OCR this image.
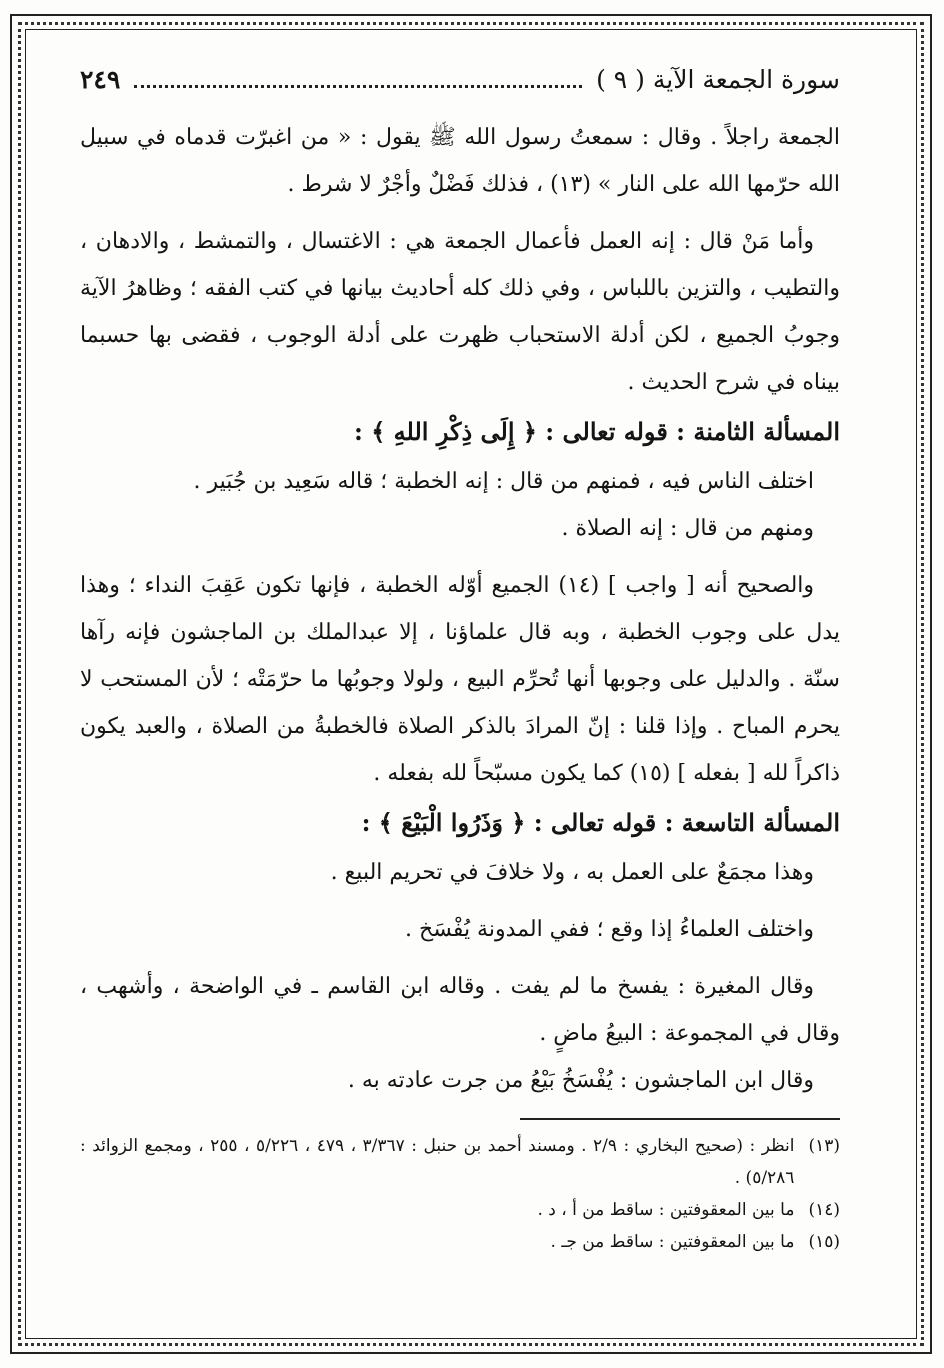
سورة الجمعة الآية ( ٩ )
٢٤٩

الجمعة راجلاً . وقال : سمعتُ رسول الله ﷺ يقول : « من اغبرّت قدماه في سبيل الله حرّمها الله على النار » (١٣) ، فذلك فَضْلٌ وأجْرٌ لا شرط .

وأما مَنْ قال : إنه العمل فأعمال الجمعة هي : الاغتسال ، والتمشط ، والادهان ، والتطيب ، والتزين باللباس ، وفي ذلك كله أحاديث بيانها في كتب الفقه ؛ وظاهرُ الآية وجوبُ الجميع ، لكن أدلة الاستحباب ظهرت على أدلة الوجوب ، فقضى بها حسبما بيناه في شرح الحديث .

المسألة الثامنة : قوله تعالى : ﴿ إِلَى ذِكْرِ اللهِ ﴾ :

اختلف الناس فيه ، فمنهم من قال : إنه الخطبة ؛ قاله سَعِيد بن جُبَير .

ومنهم من قال : إنه الصلاة .

والصحيح أنه [ واجب ] (١٤) الجميع أوّله الخطبة ، فإنها تكون عَقِبَ النداء ؛ وهذا يدل على وجوب الخطبة ، وبه قال علماؤنا ، إلا عبدالملك بن الماجشون فإنه رآها سنّة . والدليل على وجوبها أنها تُحرِّم البيع ، ولولا وجوبُها ما حرّمَتْه ؛ لأن المستحب لا يحرم المباح . وإذا قلنا : إنّ المرادَ بالذكر الصلاة فالخطبةُ من الصلاة ، والعبد يكون ذاكراً لله [ بفعله ] (١٥) كما يكون مسبّحاً لله بفعله .

المسألة التاسعة : قوله تعالى : ﴿ وَذَرُوا الْبَيْعَ ﴾ :

وهذا مجمَعٌ على العمل به ، ولا خلافَ في تحريم البيع .

واختلف العلماءُ إذا وقع ؛ ففي المدونة يُفْسَخ .

وقال المغيرة : يفسخ ما لم يفت . وقاله ابن القاسم ـ في الواضحة ، وأشهب ، وقال في المجموعة : البيعُ ماضٍ .

وقال ابن الماجشون : يُفْسَخُ بَيْعُ من جرت عادته به .

(١٣)
انظر : (صحيح البخاري : ٢/٩ . ومسند أحمد بن حنبل : ٣/٣٦٧ ، ٤٧٩ ، ٥/٢٢٦ ، ٢٥٥ ، ومجمع الزوائد : ٥/٢٨٦) .

(١٤)
ما بين المعقوفتين : ساقط من أ ، د .

(١٥)
ما بين المعقوفتين : ساقط من جـ .
